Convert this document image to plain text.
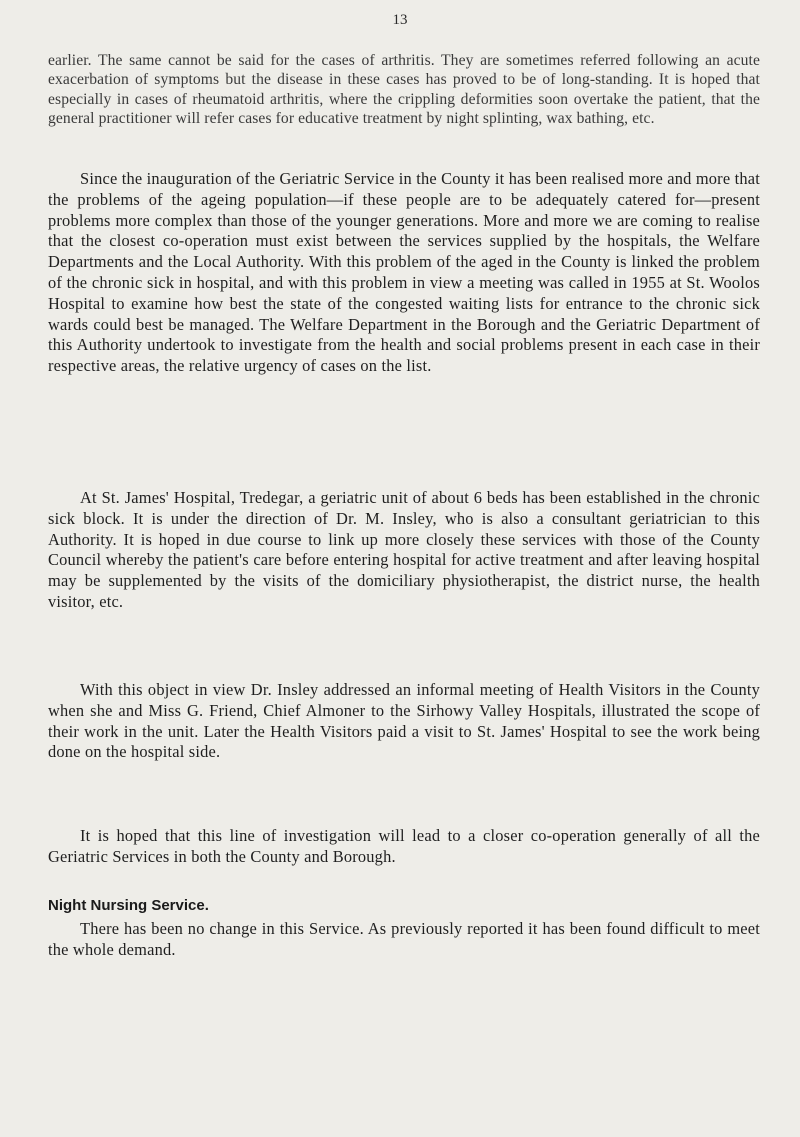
13

earlier. The same cannot be said for the cases of arthritis. They are sometimes referred following an acute exacerbation of symptoms but the disease in these cases has proved to be of long-standing. It is hoped that especially in cases of rheumatoid arthritis, where the crippling deformities soon overtake the patient, that the general practitioner will refer cases for educative treatment by night splinting, wax bathing, etc.

Since the inauguration of the Geriatric Service in the County it has been realised more and more that the problems of the ageing population—if these people are to be adequately catered for—present problems more complex than those of the younger generations. More and more we are coming to realise that the closest co-operation must exist between the services supplied by the hospitals, the Welfare Departments and the Local Authority. With this problem of the aged in the County is linked the problem of the chronic sick in hospital, and with this problem in view a meeting was called in 1955 at St. Woolos Hospital to examine how best the state of the congested waiting lists for entrance to the chronic sick wards could best be managed. The Welfare Department in the Borough and the Geriatric Department of this Authority undertook to investigate from the health and social problems present in each case in their respective areas, the relative urgency of cases on the list.

At St. James' Hospital, Tredegar, a geriatric unit of about 6 beds has been established in the chronic sick block. It is under the direction of Dr. M. Insley, who is also a consultant geriatrician to this Authority. It is hoped in due course to link up more closely these services with those of the County Council whereby the patient's care before entering hospital for active treatment and after leaving hospital may be supplemented by the visits of the domiciliary physiotherapist, the district nurse, the health visitor, etc.

With this object in view Dr. Insley addressed an informal meeting of Health Visitors in the County when she and Miss G. Friend, Chief Almoner to the Sirhowy Valley Hospitals, illustrated the scope of their work in the unit. Later the Health Visitors paid a visit to St. James' Hospital to see the work being done on the hospital side.

It is hoped that this line of investigation will lead to a closer co-operation generally of all the Geriatric Services in both the County and Borough.

Night Nursing Service.

There has been no change in this Service. As previously reported it has been found difficult to meet the whole demand.
